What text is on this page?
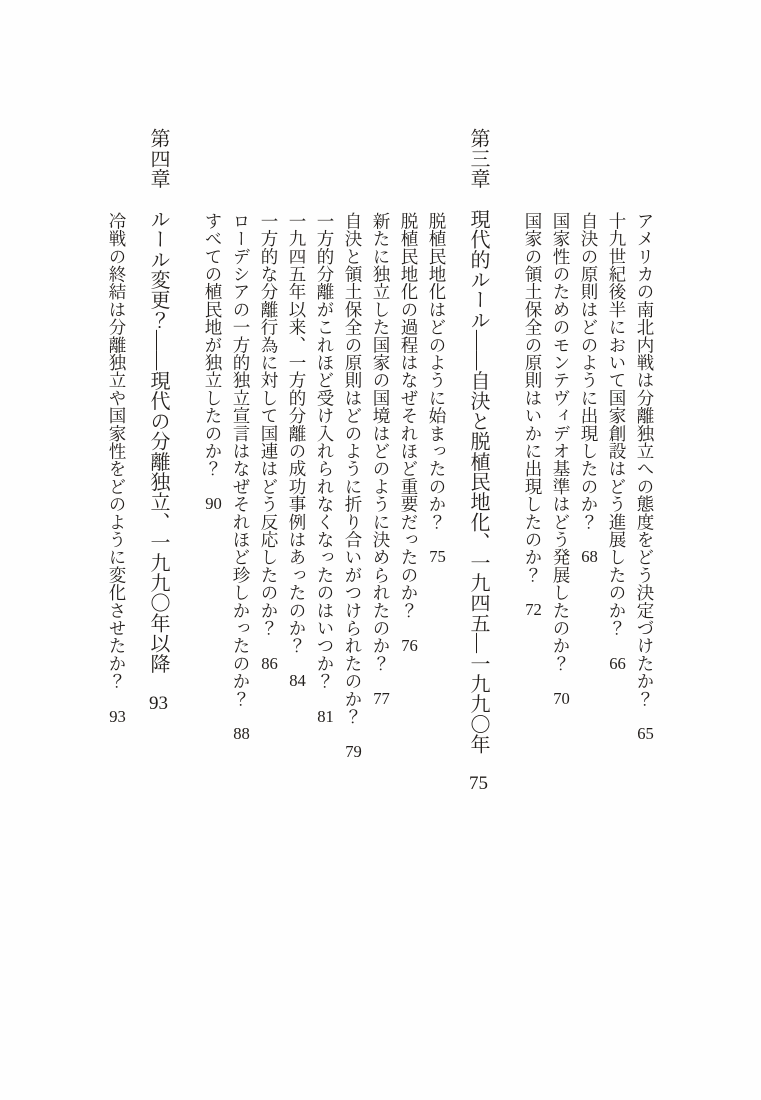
アメリカの南北内戦は分離独立への態度をどう決定づけたか？　65
十九世紀後半において国家創設はどう進展したのか？　66
自決の原則はどのように出現したのか？　68
国家性のためのモンテヴィデオ基準はどう発展したのか？　70
国家の領土保全の原則はいかに出現したのか？　72
第三章　現代的ルール——自決と脱植民地化、一九四五―一九九〇年　75
脱植民地化はどのように始まったのか？　75
脱植民地化の過程はなぜそれほど重要だったのか？　76
新たに独立した国家の国境はどのように決められたのか？　77
自決と領土保全の原則はどのように折り合いがつけられたのか？　79
一方的分離がこれほど受け入れられなくなったのはいつか？　81
一九四五年以来、一方的分離の成功事例はあったのか？　84
一方的な分離行為に対して国連はどう反応したのか？　86
ローデシアの一方的独立宣言はなぜそれほど珍しかったのか？　88
すべての植民地が独立したのか？　90
第四章　ルール変更？——現代の分離独立、一九九〇年以降　93
冷戦の終結は分離独立や国家性をどのように変化させたか？　93
